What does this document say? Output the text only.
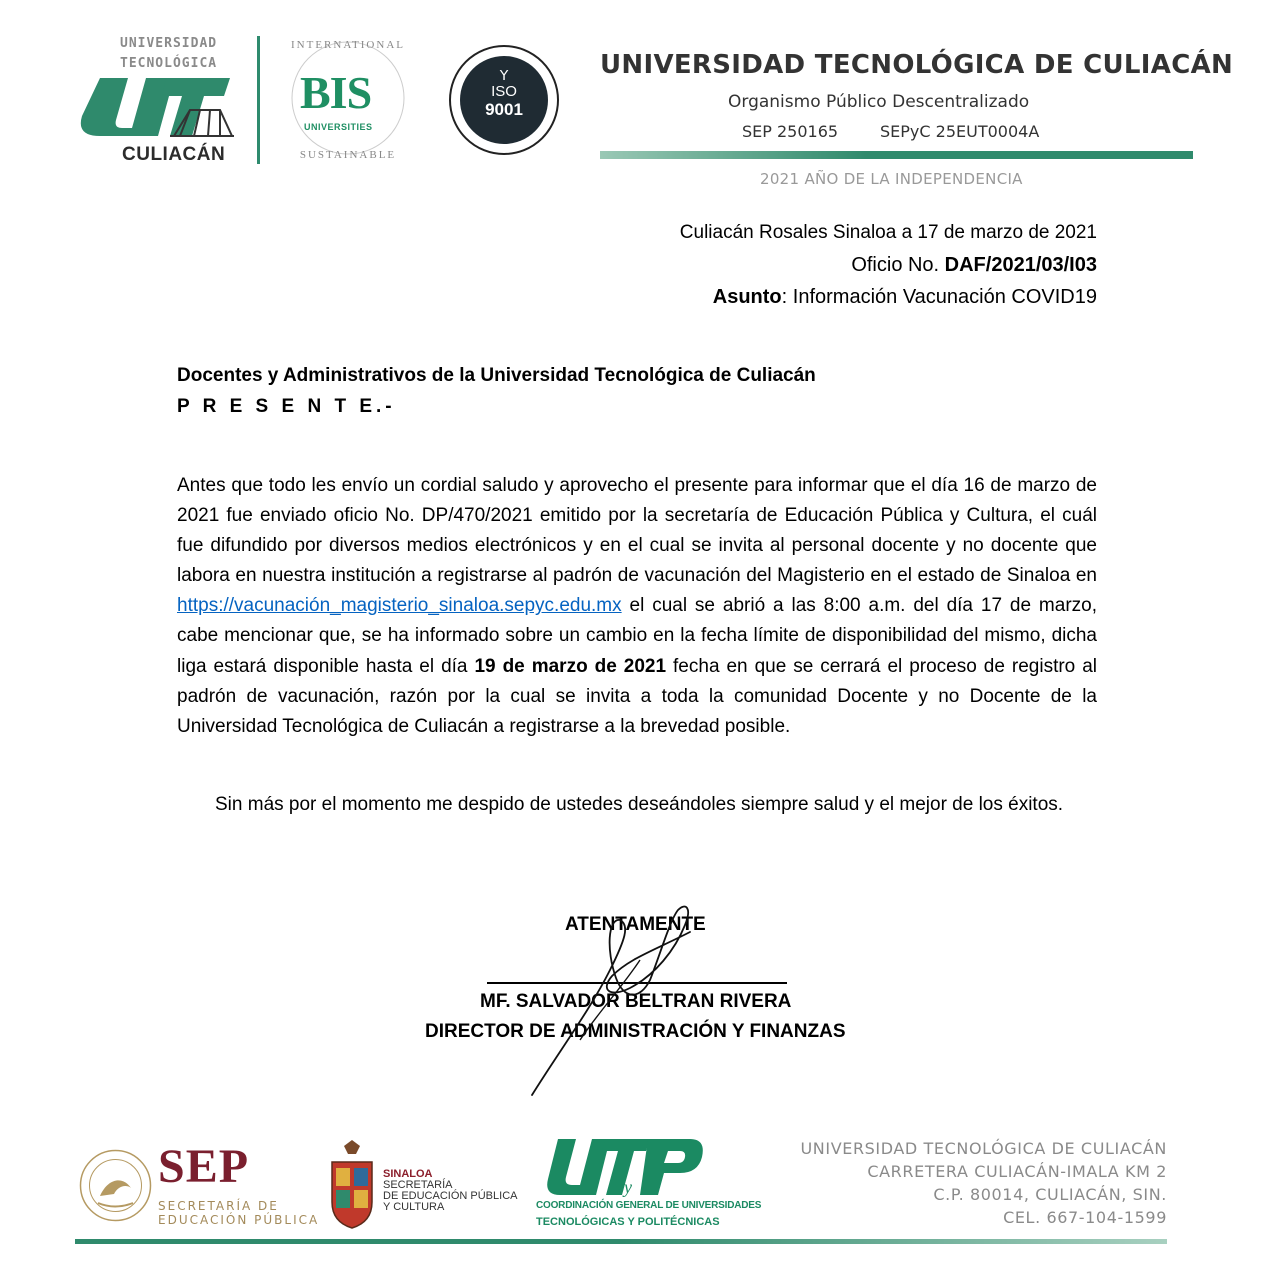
UNIVERSIDAD
TECNOLÓGICA
CULIACÁN
INTERNATIONAL
SUSTAINABLE
BIS
UNIVERSITIES
𝖸
ISO
9001
UNIVERSIDAD TECNOLÓGICA DE CULIACÁN
Organismo Público Descentralizado
SEP 250165	SEPyC 25EUT0004A
2021 AÑO DE LA INDEPENDENCIA
Culiacán Rosales Sinaloa a 17 de marzo de 2021
Oficio No. DAF/2021/03/I03
Asunto: Información Vacunación COVID19
Docentes y Administrativos de la Universidad Tecnológica de Culiacán
P R E S E N T E.-
Antes que todo les envío un cordial saludo y aprovecho el presente para informar que el día 16 de marzo de 2021 fue enviado oficio No. DP/470/2021 emitido por la secretaría de Educación Pública y Cultura, el cuál fue difundido por diversos medios electrónicos y en el cual se invita al personal docente y no docente que labora en nuestra institución a registrarse al padrón de vacunación del Magisterio en el estado de Sinaloa en https://vacunación_magisterio_sinaloa.sepyc.edu.mx el cual se abrió a las 8:00 a.m. del día 17 de marzo, cabe mencionar que, se ha informado sobre un cambio en la fecha límite de disponibilidad del mismo, dicha liga estará disponible hasta el día 19 de marzo de 2021 fecha en que se cerrará el proceso de registro al padrón de vacunación, razón por la cual se invita a toda la comunidad Docente y no Docente de la Universidad Tecnológica de Culiacán a registrarse a la brevedad posible.
Sin más por el momento me despido de ustedes deseándoles siempre salud y el mejor de los éxitos.
ATENTAMENTE
MF. SALVADOR BELTRAN RIVERA
DIRECTOR DE ADMINISTRACIÓN Y FINANZAS
SEP
SECRETARÍA DE
EDUCACIÓN PÚBLICA
SINALOA
SECRETARÍA
DE EDUCACIÓN PÚBLICA
Y CULTURA
y
COORDINACIÓN GENERAL DE UNIVERSIDADES
TECNOLÓGICAS Y POLITÉCNICAS
UNIVERSIDAD TECNOLÓGICA DE CULIACÁN
CARRETERA CULIACÁN-IMALA KM 2
C.P. 80014, CULIACÁN, SIN.
CEL. 667-104-1599
